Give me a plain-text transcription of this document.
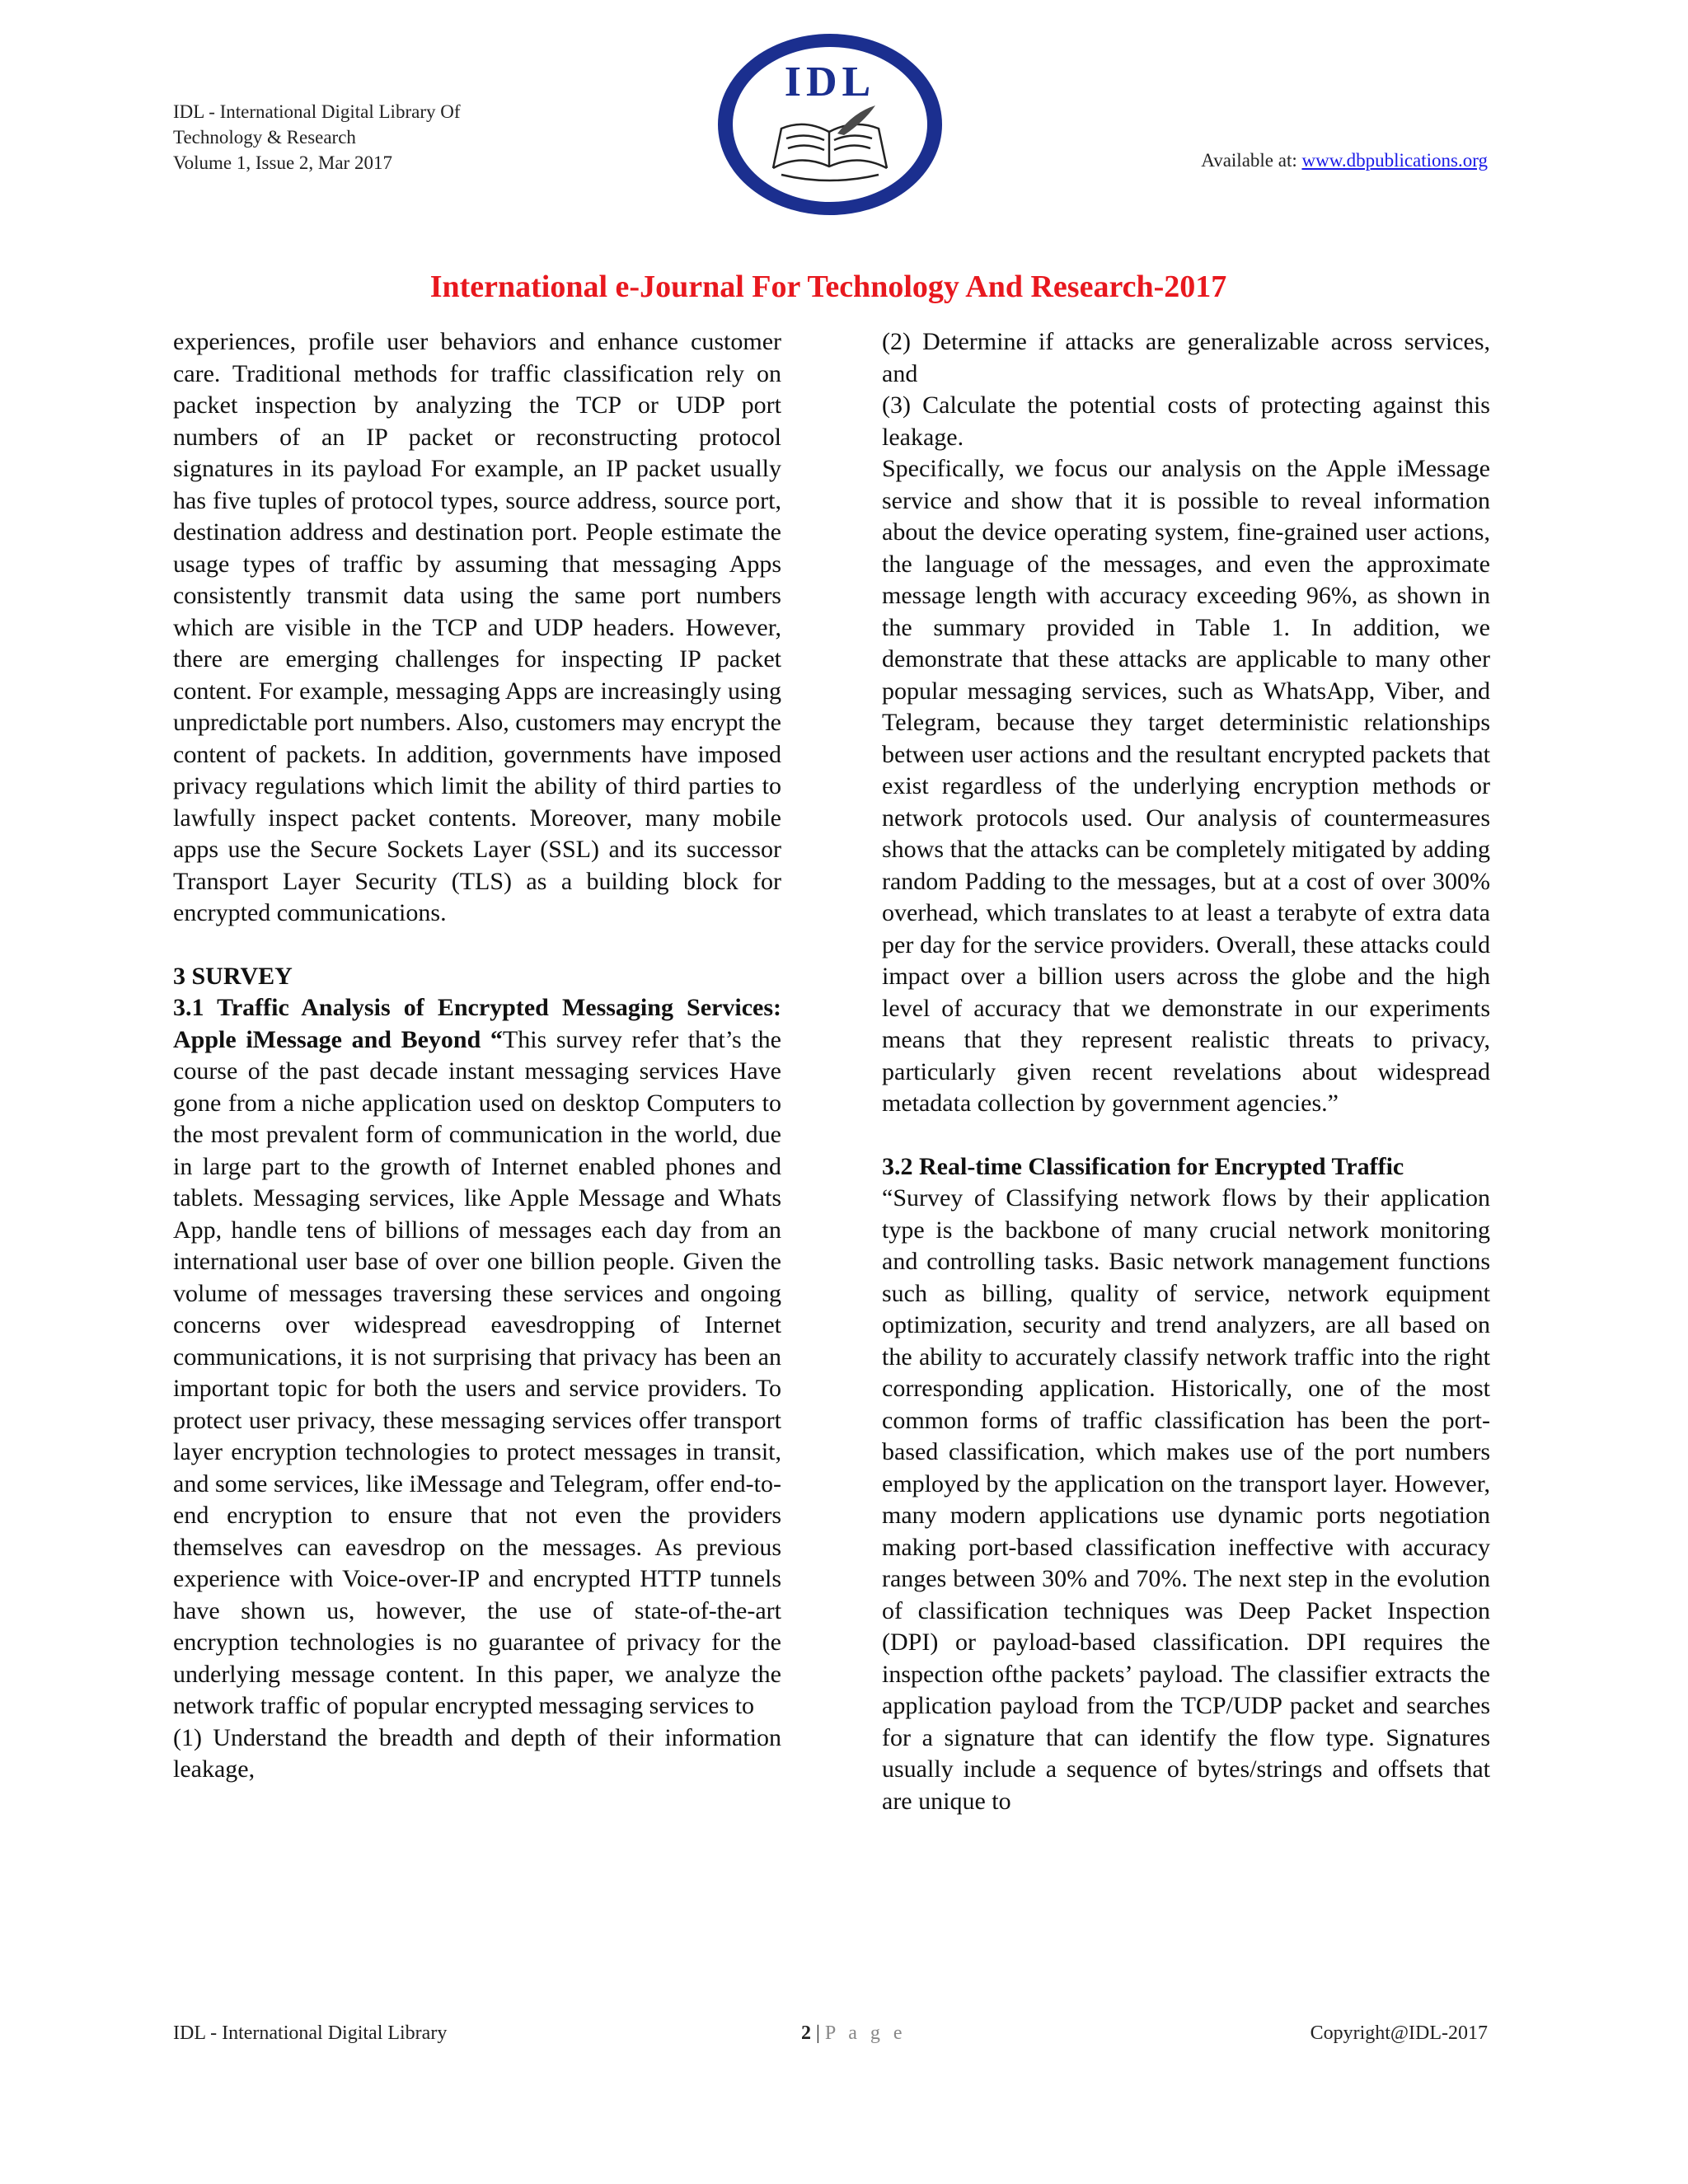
IDL - International Digital Library Of
Technology & Research
Volume 1, Issue 2, Mar 2017
IDL
Available at: www.dbpublications.org
International e-Journal For Technology And Research-2017

experiences, profile user behaviors and enhance customer care. Traditional methods for traffic classification rely on packet inspection by analyzing the TCP or UDP port numbers of an IP packet or reconstructing protocol signatures in its payload For example, an IP packet usually has five tuples of protocol types, source address, source port, destination address and destination port. People estimate the usage types of traffic by assuming that messaging Apps consistently transmit data using the same port numbers which are visible in the TCP and UDP headers. However, there are emerging challenges for inspecting IP packet content. For example, messaging Apps are increasingly using unpredictable port numbers. Also, customers may encrypt the content of packets. In addition, governments have imposed privacy regulations which limit the ability of third parties to lawfully inspect packet contents. Moreover, many mobile apps use the Secure Sockets Layer (SSL) and its successor Transport Layer Security (TLS) as a building block for encrypted communications.

3 SURVEY

3.1 Traffic Analysis of Encrypted Messaging Services: Apple iMessage and Beyond “This survey refer that’s the course of the past decade instant messaging services Have gone from a niche application used on desktop Computers to the most prevalent form of communication in the world, due in large part to the growth of Internet enabled phones and tablets. Messaging services, like Apple Message and Whats App, handle tens of billions of messages each day from an international user base of over one billion people. Given the volume of messages traversing these services and ongoing concerns over widespread eavesdropping of Internet communications, it is not surprising that privacy has been an important topic for both the users and service providers. To protect user privacy, these messaging services offer transport layer encryption technologies to protect messages in transit, and some services, like iMessage and Telegram, offer end-to-end encryption to ensure that not even the providers themselves can eavesdrop on the messages. As previous experience with Voice-over-IP and encrypted HTTP tunnels have shown us, however, the use of state-of-the-art encryption technologies is no guarantee of privacy for the underlying message content. In this paper, we analyze the network traffic of popular encrypted messaging services to

(1) Understand the breadth and depth of their information leakage,

(2) Determine if attacks are generalizable across services, and

(3) Calculate the potential costs of protecting against this leakage.

Specifically, we focus our analysis on the Apple iMessage service and show that it is possible to reveal information about the device operating system, fine-grained user actions, the language of the messages, and even the approximate message length with accuracy exceeding 96%, as shown in the summary provided in Table 1. In addition, we demonstrate that these attacks are applicable to many other popular messaging services, such as WhatsApp, Viber, and Telegram, because they target deterministic relationships between user actions and the resultant encrypted packets that exist regardless of the underlying encryption methods or network protocols used. Our analysis of countermeasures shows that the attacks can be completely mitigated by adding random Padding to the messages, but at a cost of over 300% overhead, which translates to at least a terabyte of extra data per day for the service providers. Overall, these attacks could impact over a billion users across the globe and the high level of accuracy that we demonstrate in our experiments means that they represent realistic threats to privacy, particularly given recent revelations about widespread metadata collection by government agencies.”

3.2 Real-time Classification for Encrypted Traffic

“Survey of Classifying network flows by their application type is the backbone of many crucial network monitoring and controlling tasks. Basic network management functions such as billing, quality of service, network equipment optimization, security and trend analyzers, are all based on the ability to accurately classify network traffic into the right corresponding application. Historically, one of the most common forms of traffic classification has been the port-based classification, which makes use of the port numbers employed by the application on the transport layer. However, many modern applications use dynamic ports negotiation making port-based classification ineffective with accuracy ranges between 30% and 70%. The next step in the evolution of classification techniques was Deep Packet Inspection (DPI) or payload-based classification. DPI requires the inspection ofthe packets’ payload. The classifier extracts the application payload from the TCP/UDP packet and searches for a signature that can identify the flow type. Signatures usually include a sequence of bytes/strings and offsets that are unique to

IDL - International Digital Library	2 | P a g e	Copyright@IDL-2017
